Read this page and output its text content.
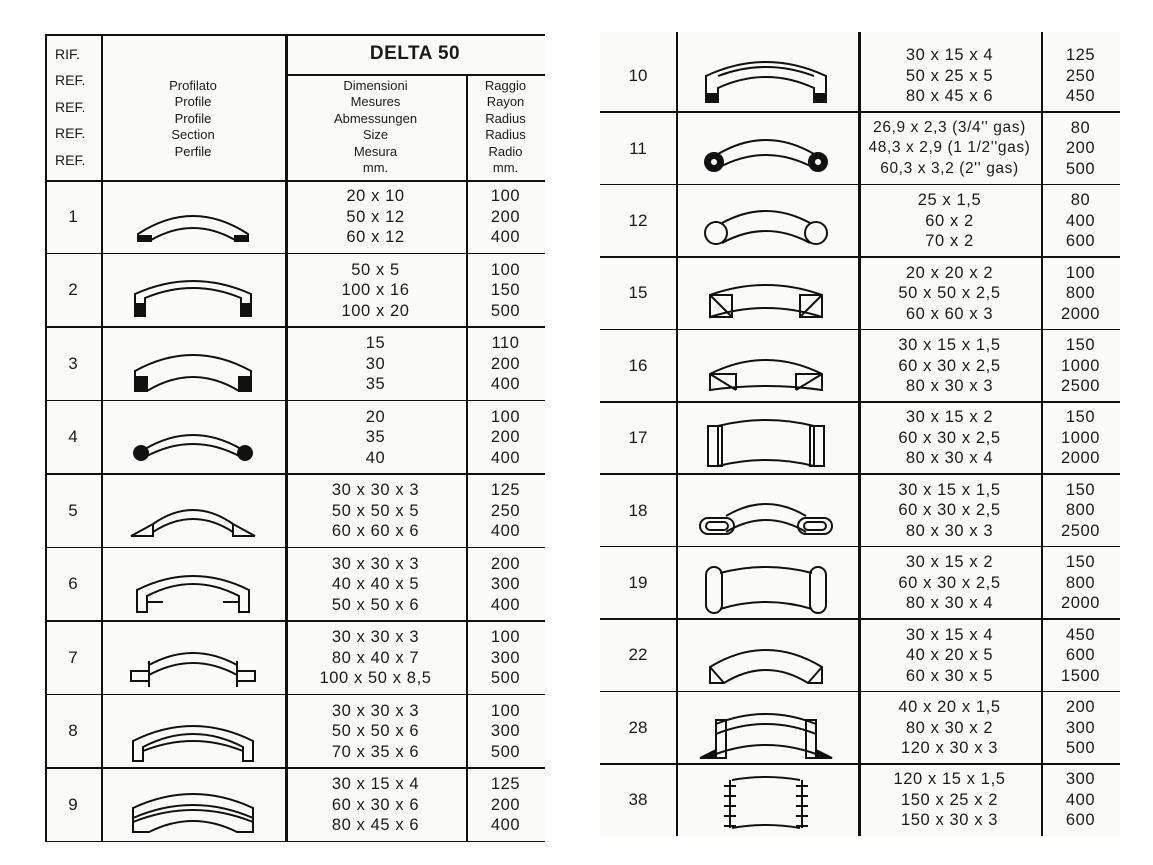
RIF.
REF.
REF.
REF.
REF.
Profilato
Profile
Profile
Section
Perfile
DELTA 50
Dimensioni
Mesures
Abmessungen
Size
Mesura
mm.
Raggio
Rayon
Radius
Radius
Radio
mm.
1
20 x 10
50 x 12
60 x 12
100
200
400
2
50 x 5
100 x 16
100 x 20
100
150
500
3
15
30
35
110
200
400
4
20
35
40
100
200
400
5
30 x 30 x 3
50 x 50 x 5
60 x 60 x 6
125
250
400
6
30 x 30 x 3
40 x 40 x 5
50 x 50 x 6
200
300
400
7
30 x 30 x 3
80 x 40 x 7
100 x 50 x 8,5
100
300
500
8
30 x 30 x 3
50 x 50 x 6
70 x 35 x 6
100
300
500
9
30 x 15 x 4
60 x 30 x 6
80 x 45 x 6
125
200
400
10
30 x 15 x 4
50 x 25 x 5
80 x 45 x 6
125
250
450
11
26,9 x 2,3 (3/4'' gas)
48,3 x 2,9 (1 1/2''gas)
60,3 x 3,2 (2'' gas)
80
200
500
12
25 x 1,5
60 x 2
70 x 2
80
400
600
15
20 x 20 x 2
50 x 50 x 2,5
60 x 60 x 3
100
800
2000
16
30 x 15 x 1,5
60 x 30 x 2,5
80 x 30 x 3
150
1000
2500
17
30 x 15 x 2
60 x 30 x 2,5
80 x 30 x 4
150
1000
2000
18
30 x 15 x 1,5
60 x 30 x 2,5
80 x 30 x 3
150
800
2500
19
30 x 15 x 2
60 x 30 x 2,5
80 x 30 x 4
150
800
2000
22
30 x 15 x 4
40 x 20 x 5
60 x 30 x 5
450
600
1500
28
40 x 20 x 1,5
80 x 30 x 2
120 x 30 x 3
200
300
500
38
120 x 15 x 1,5
150 x 25 x 2
150 x 30 x 3
300
400
600
